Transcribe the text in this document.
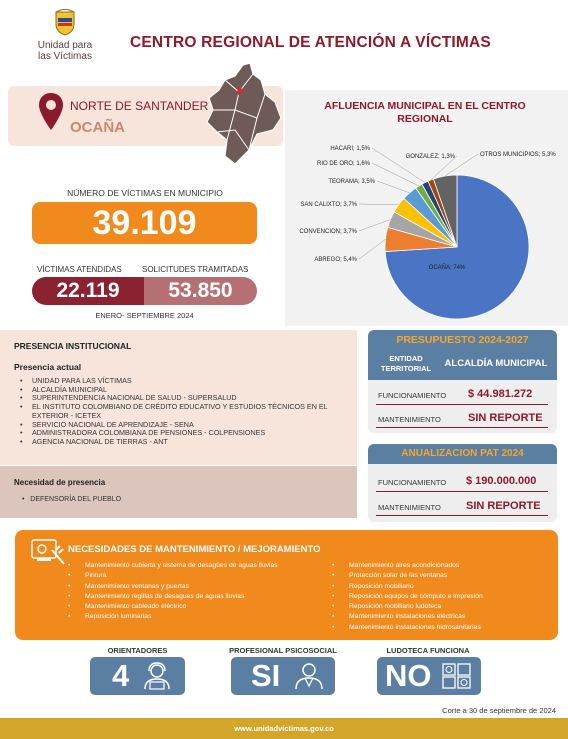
Unidad para
las Víctimas
CENTRO REGIONAL DE ATENCIÓN A VÍCTIMAS
NORTE DE SANTANDER
OCAÑA
NÚMERO DE VÍCTIMAS EN MUNICIPIO
39.109
VÍCTIMAS ATENDIDAS	SOLICITUDES TRAMITADAS
22.119	53.850
ENERO- SEPTIEMBRE 2024
AFLUENCIA MUNICIPAL EN EL CENTRO REGIONAL
OCAÑA; 74%
ABREGO; 5,4%
CONVENCION; 3,7%
SAN CALIXTO; 3,7%
TEORAMA; 3,5%
RIO DE ORO; 1,6%
HACARI; 1,5%
GONZALEZ; 1,3%	OTROS MUNICIPIOS; 5,3%
PRESENCIA INSTITUCIONAL
Presencia actual
• UNIDAD PARA LAS VÍCTIMAS
• ALCALDÍA MUNICIPAL
• SUPERINTENDENCIA NACIONAL DE SALUD - SUPERSALUD
• EL INSTITUTO COLOMBIANO DE CRÉDITO EDUCATIVO Y ESTUDIOS TÉCNICOS EN EL EXTERIOR - ICETEX
• SERVICIO NACIONAL DE APRENDIZAJE - SENA
• ADMINISTRADORA COLOMBIANA DE PENSIONES - COLPENSIONES
• AGENCIA NACIONAL DE TIERRAS - ANT
Necesidad de presencia
•   DEFENSORÍA DEL PUEBLO
PRESUPUESTO 2024-2027
ENTIDAD TERRITORIAL	ALCALDÍA MUNICIPAL
FUNCIONAMIENTO $ 44.981.272
MANTENIMIENTO SIN REPORTE
ANUALIZACION PAT 2024
FUNCIONAMIENTO $ 190.000.000
MANTENIMIENTO SIN REPORTE
NECESIDADES DE MANTENIMIENTO / MEJORAMIENTO
• Mantenimiento cubierta y sistema de desagües de aguas lluvias
• Pintura
• Mantenimiento ventanas y puertas
• Mantenimiento regillas de desagues de aguas lluvias
• Mantenimiento cableado eléctrico
• Reposición luminarias
• Mantenimiento aires acondicionados
• Protección solar de las ventanas
• Reposición mobiliario
• Reposición equipos de cómputo e impresión
• Reposición mobiliario ludoteca
• Mantenimiento instalaciones eléctricas
• Mantenimiento instalaciones hidrosanitarias
ORIENTADORES
4
PROFESIONAL PSICOSOCIAL
SI
LUDOTECA FUNCIONA
NO
Corte a 30 de septiembre de 2024
www.unidadvictimas.gov.co
